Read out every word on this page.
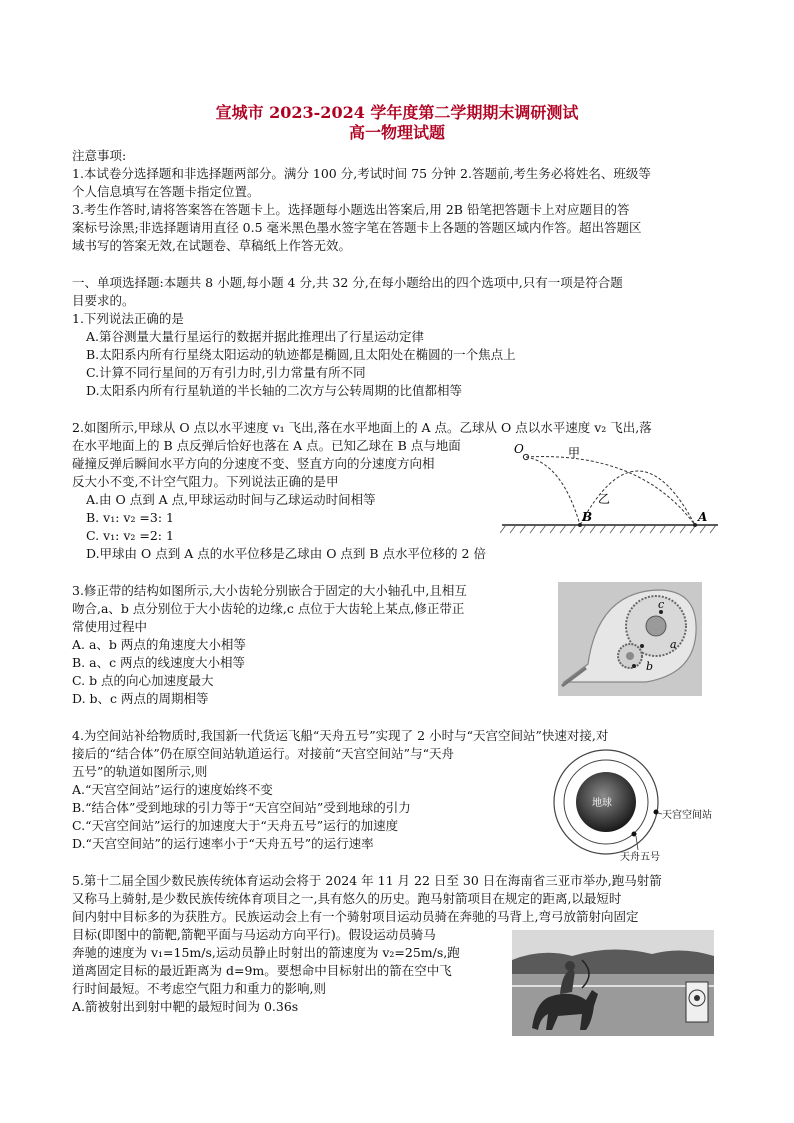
宣城市 2023-2024 学年度第二学期期末调研测试
高一物理试题
注意事项:
1.本试卷分选择题和非选择题两部分。满分 100 分,考试时间 75 分钟 2.答题前,考生务必将姓名、班级等
个人信息填写在答题卡指定位置。
3.考生作答时,请将答案答在答题卡上。选择题每小题选出答案后,用 2B 铅笔把答题卡上对应题目的答
案标号涂黑;非选择题请用直径 0.5 毫米黑色墨水签字笔在答题卡上各题的答题区域内作答。超出答题区
域书写的答案无效,在试题卷、草稿纸上作答无效。
一、单项选择题:本题共 8 小题,每小题 4 分,共 32 分,在每小题给出的四个选项中,只有一项是符合题
目要求的。
1.下列说法正确的是
A.第谷测量大量行星运行的数据并据此推理出了行星运动定律
B.太阳系内所有行星绕太阳运动的轨迹都是椭圆,且太阳处在椭圆的一个焦点上
C.计算不同行星间的万有引力时,引力常量有所不同
D.太阳系内所有行星轨道的半长轴的二次方与公转周期的比值都相等
2.如图所示,甲球从 O 点以水平速度 v₁ 飞出,落在水平地面上的 A 点。乙球从 O 点以水平速度 v₂ 飞出,落
在水平地面上的 B 点反弹后恰好也落在 A 点。已知乙球在 B 点与地面
碰撞反弹后瞬间水平方向的分速度不变、竖直方向的分速度方向相
反大小不变,不计空气阻力。下列说法正确的是甲
A.由 O 点到 A 点,甲球运动时间与乙球运动时间相等
B. v₁: v₂ =3: 1
C. v₁: v₂ =2: 1
D.甲球由 O 点到 A 点的水平位移是乙球由 O 点到 B 点水平位移的 2 倍
O	甲
乙
B	A
3.修正带的结构如图所示,大小齿轮分别嵌合于固定的大小轴孔中,且相互
吻合,a、b 点分别位于大小齿轮的边缘,c 点位于大齿轮上某点,修正带正
常使用过程中
A. a、b 两点的角速度大小相等
B. a、c 两点的线速度大小相等
C. b 点的向心加速度最大
D. b、c 两点的周期相等
c
a
b
4.为空间站补给物质时,我国新一代货运飞船“天舟五号”实现了 2 小时与“天宫空间站”快速对接,对
接后的“结合体”仍在原空间站轨道运行。对接前“天宫空间站”与“天舟
五号”的轨道如图所示,则
A.“天宫空间站”运行的速度始终不变
B.“结合体”受到地球的引力等于“天宫空间站”受到地球的引力
C.“天宫空间站”运行的加速度大于“天舟五号”运行的加速度
D.“天宫空间站”的运行速率小于“天舟五号”的运行速率
地球
天宫空间站
天舟五号
5.第十二届全国少数民族传统体育运动会将于 2024 年 11 月 22 日至 30 日在海南省三亚市举办,跑马射箭
又称马上骑射,是少数民族传统体育项目之一,具有悠久的历史。跑马射箭项目在规定的距离,以最短时
间内射中目标多的为获胜方。民族运动会上有一个骑射项目运动员骑在奔驰的马背上,弯弓放箭射向固定
目标(即图中的箭靶,箭靶平面与马运动方向平行)。假设运动员骑马
奔驰的速度为 v₁=15m/s,运动员静止时射出的箭速度为 v₂=25m/s,跑
道离固定目标的最近距离为 d=9m。要想命中目标射出的箭在空中飞
行时间最短。不考虑空气阻力和重力的影响,则
A.箭被射出到射中靶的最短时间为 0.36s
